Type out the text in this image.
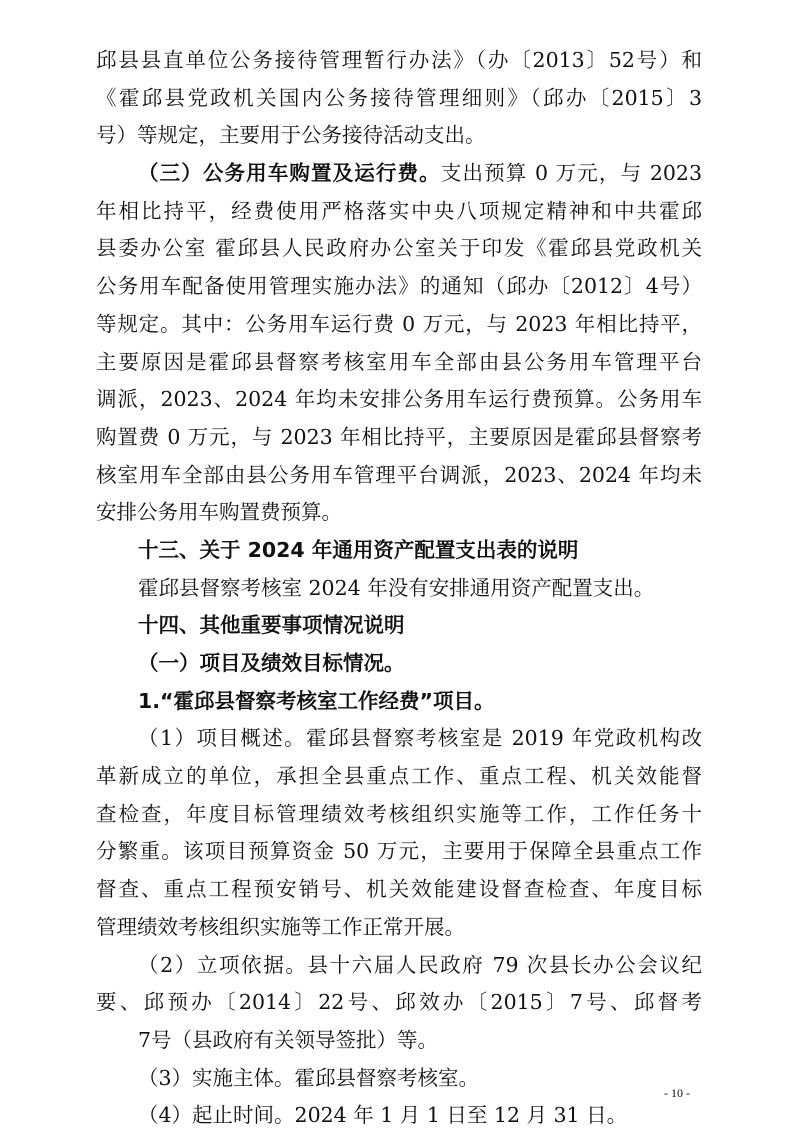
邱县县直单位公务接待管理暂行办法》（办〔2013〕52号）和
《霍邱县党政机关国内公务接待管理细则》（邱办〔2015〕3
号）等规定，主要用于公务接待活动支出。
（三）公务用车购置及运行费。支出预算 0 万元，与 2023
年相比持平，经费使用严格落实中央八项规定精神和中共霍邱
县委办公室 霍邱县人民政府办公室关于印发《霍邱县党政机关
公务用车配备使用管理实施办法》的通知（邱办〔2012〕4号）
等规定。其中：公务用车运行费 0 万元，与 2023 年相比持平，
主要原因是霍邱县督察考核室用车全部由县公务用车管理平台
调派，2023、2024 年均未安排公务用车运行费预算。公务用车
购置费 0 万元，与 2023 年相比持平，主要原因是霍邱县督察考
核室用车全部由县公务用车管理平台调派，2023、2024 年均未
安排公务用车购置费预算。
十三、关于 2024 年通用资产配置支出表的说明
霍邱县督察考核室 2024 年没有安排通用资产配置支出。
十四、其他重要事项情况说明
（一）项目及绩效目标情况。
1.“霍邱县督察考核室工作经费”项目。
（1）项目概述。霍邱县督察考核室是 2019 年党政机构改
革新成立的单位，承担全县重点工作、重点工程、机关效能督
查检查，年度目标管理绩效考核组织实施等工作，工作任务十
分繁重。该项目预算资金 50 万元，主要用于保障全县重点工作
督查、重点工程预安销号、机关效能建设督查检查、年度目标
管理绩效考核组织实施等工作正常开展。
（2）立项依据。县十六届人民政府 79 次县长办公会议纪
要、邱预办〔2014〕22号、邱效办〔2015〕7号、邱督考
7号（县政府有关领导签批）等。
（3）实施主体。霍邱县督察考核室。
（4）起止时间。2024 年 1 月 1 日至 12 月 31 日。
- 10 -
